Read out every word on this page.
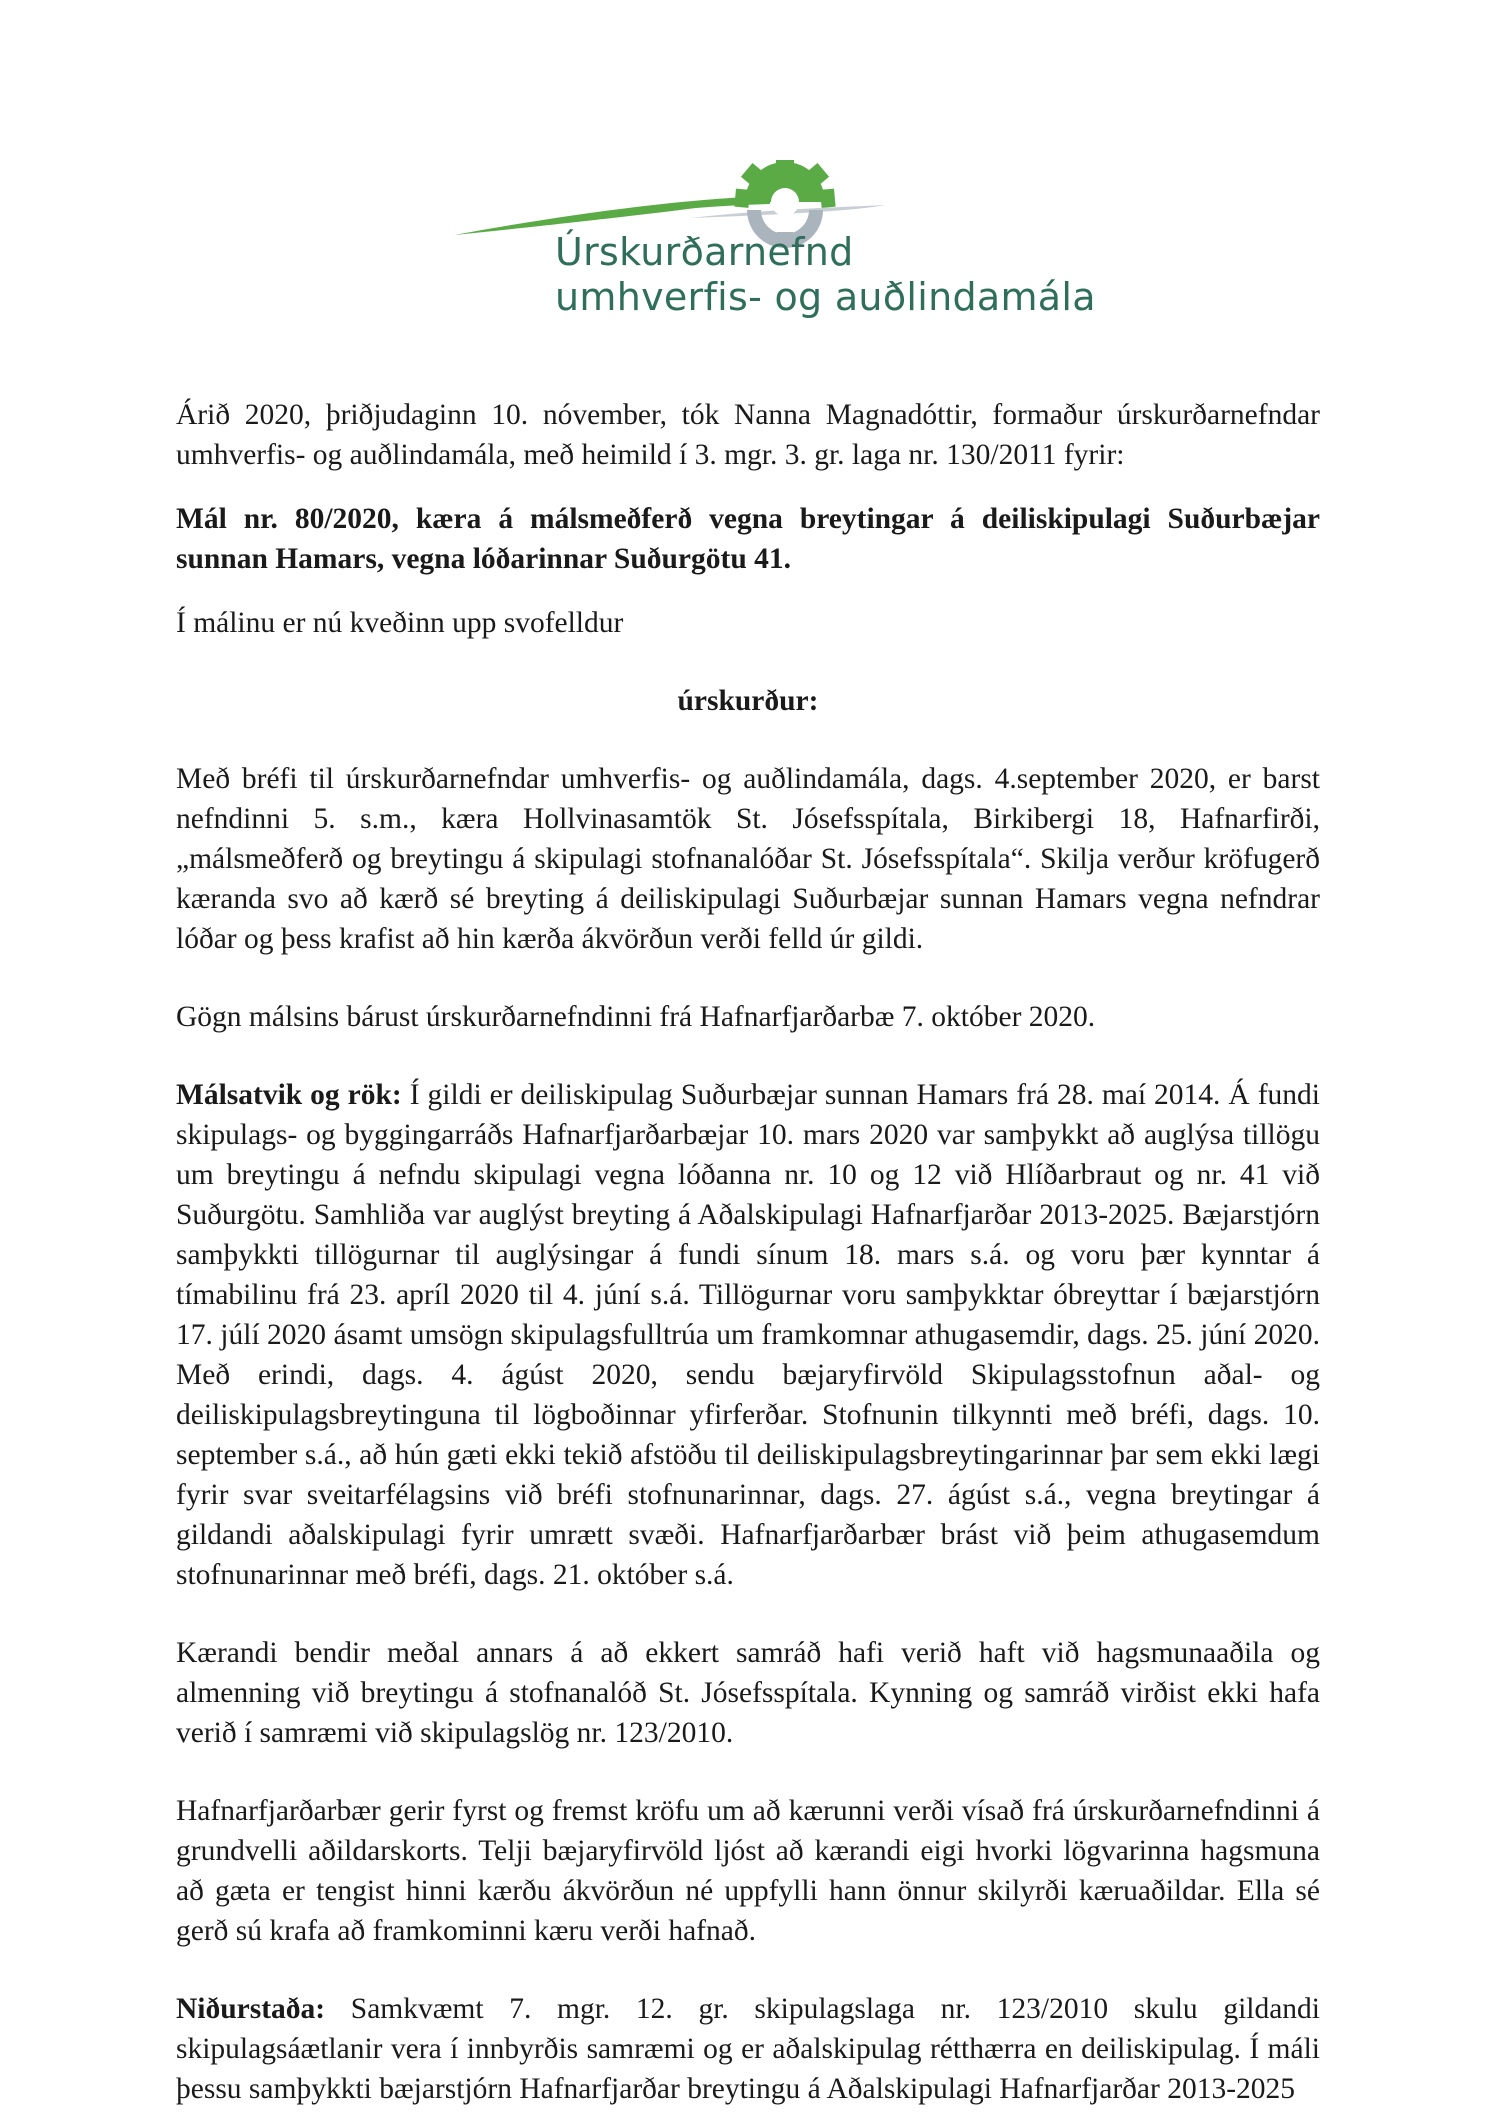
Úrskurðarnefnd
umhverfis- og auðlindamála

Árið 2020, þriðjudaginn 10. nóvember, tók Nanna Magnadóttir, formaður úrskurðarnefndar umhverfis- og auðlindamála, með heimild í 3. mgr. 3. gr. laga nr. 130/2011 fyrir:

Mál nr. 80/2020, kæra á málsmeðferð vegna breytingar á deiliskipulagi Suðurbæjar sunnan Hamars, vegna lóðarinnar Suðurgötu 41.

Í málinu er nú kveðinn upp svofelldur

úrskurður:

Með bréfi til úrskurðarnefndar umhverfis- og auðlindamála, dags. 4.september 2020, er barst nefndinni 5. s.m., kæra Hollvinasamtök St. Jósefsspítala, Birkibergi 18, Hafnarfirði, „málsmeðferð og breytingu á skipulagi stofnanalóðar St. Jósefsspítala“. Skilja verður kröfugerð kæranda svo að kærð sé breyting á deiliskipulagi Suðurbæjar sunnan Hamars vegna nefndrar lóðar og þess krafist að hin kærða ákvörðun verði felld úr gildi.

Gögn málsins bárust úrskurðarnefndinni frá Hafnarfjarðarbæ 7. október 2020.

Málsatvik og rök: Í gildi er deiliskipulag Suðurbæjar sunnan Hamars frá 28. maí 2014. Á fundi skipulags- og byggingarráðs Hafnarfjarðarbæjar 10. mars 2020 var samþykkt að auglýsa tillögu um breytingu á nefndu skipulagi vegna lóðanna nr. 10 og 12 við Hlíðarbraut og nr. 41 við Suðurgötu. Samhliða var auglýst breyting á Aðalskipulagi Hafnarfjarðar 2013-2025. Bæjarstjórn samþykkti tillögurnar til auglýsingar á fundi sínum 18. mars s.á. og voru þær kynntar á tímabilinu frá 23. apríl 2020 til 4. júní s.á. Tillögurnar voru samþykktar óbreyttar í bæjarstjórn 17. júlí 2020 ásamt umsögn skipulagsfulltrúa um framkomnar athugasemdir, dags. 25. júní 2020. Með erindi, dags. 4. ágúst 2020, sendu bæjaryfirvöld Skipulagsstofnun aðal- og deiliskipulagsbreytinguna til lögboðinnar yfirferðar. Stofnunin tilkynnti með bréfi, dags. 10. september s.á., að hún gæti ekki tekið afstöðu til deiliskipulagsbreytingarinnar þar sem ekki lægi fyrir svar sveitarfélagsins við bréfi stofnunarinnar, dags. 27. ágúst s.á., vegna breytingar á gildandi aðalskipulagi fyrir umrætt svæði. Hafnarfjarðarbær brást við þeim athugasemdum stofnunarinnar með bréfi, dags. 21. október s.á.

Kærandi bendir meðal annars á að ekkert samráð hafi verið haft við hagsmunaaðila og almenning við breytingu á stofnanalóð St. Jósefsspítala. Kynning og samráð virðist ekki hafa verið í samræmi við skipulagslög nr. 123/2010.

Hafnarfjarðarbær gerir fyrst og fremst kröfu um að kærunni verði vísað frá úrskurðarnefndinni á grundvelli aðildarskorts. Telji bæjaryfirvöld ljóst að kærandi eigi hvorki lögvarinna hagsmuna að gæta er tengist hinni kærðu ákvörðun né uppfylli hann önnur skilyrði kæruaðildar. Ella sé gerð sú krafa að framkominni kæru verði hafnað.

Niðurstaða: Samkvæmt 7. mgr. 12. gr. skipulagslaga nr. 123/2010 skulu gildandi skipulagsáætlanir vera í innbyrðis samræmi og er aðalskipulag rétthærra en deiliskipulag. Í máli þessu samþykkti bæjarstjórn Hafnarfjarðar breytingu á Aðalskipulagi Hafnarfjarðar 2013-2025
